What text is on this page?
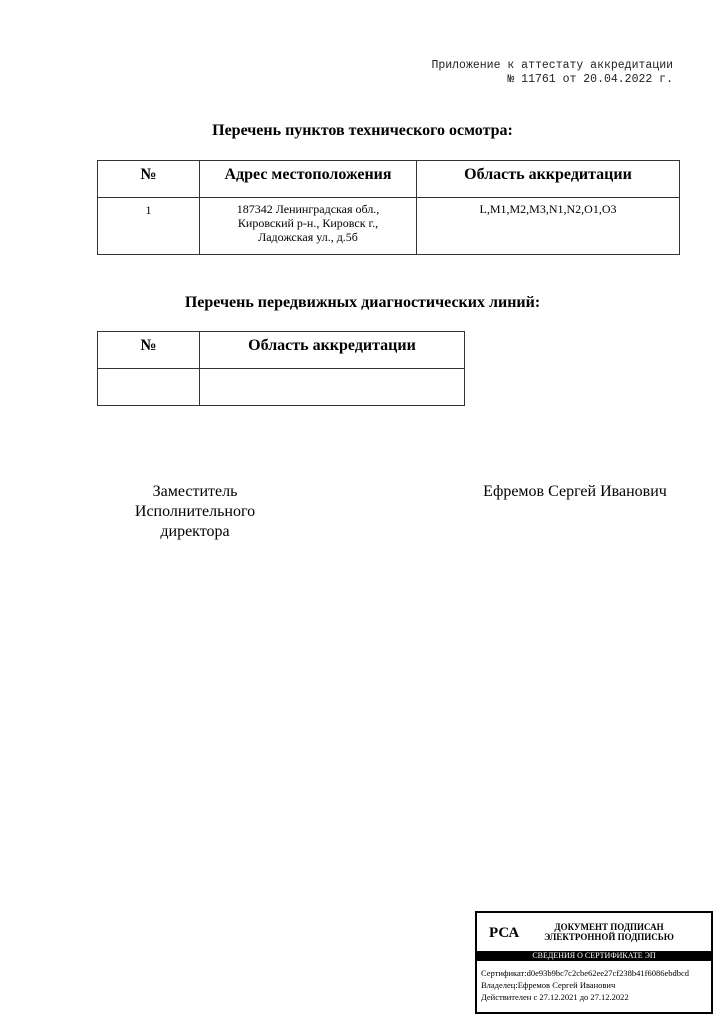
Приложение к аттестату аккредитации
№ 11761 от 20.04.2022 г.
Перечень пунктов технического осмотра:
№	Адрес местоположения	Область аккредитации
1	187342 Ленинградская обл.,
Кировский р-н., Кировск г.,
Ладожская ул., д.5б	L,M1,M2,M3,N1,N2,O1,O3
Перечень передвижных диагностических линий:
№	Область аккредитации

Заместитель
Исполнительного
директора
Ефремов Сергей Иванович
РСА	ДОКУМЕНТ ПОДПИСАН
ЭЛЕКТРОННОЙ ПОДПИСЬЮ
СВЕДЕНИЯ О СЕРТИФИКАТЕ ЭП
Сертификат:d0e93b9bc7c2cbe62ee27cf238b41f6086ebdbcd
Владелец:Ефремов Сергей Иванович
Действителен с 27.12.2021 до 27.12.2022
